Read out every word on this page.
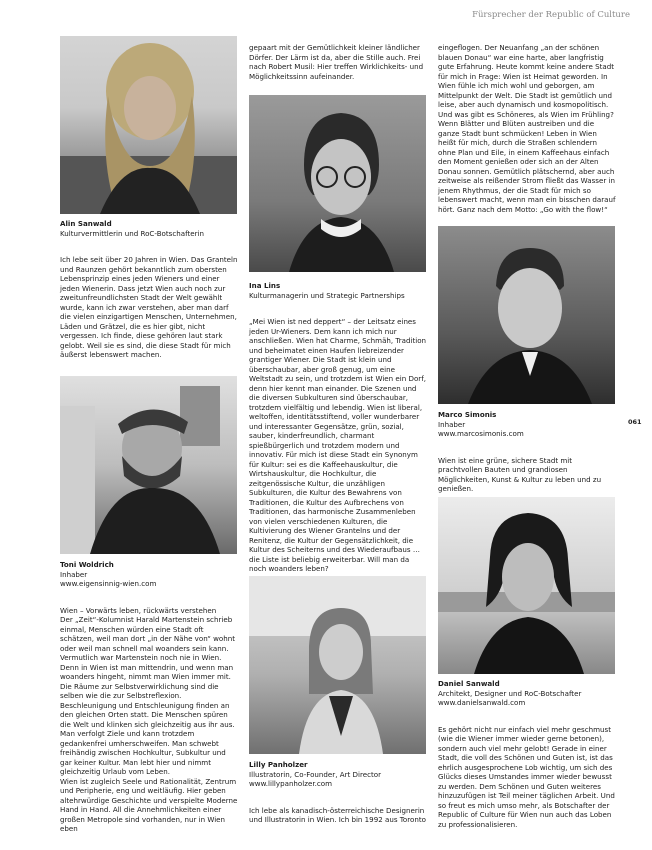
Fürsprecher der Republic of Culture
061
Alin Sanwald
Kulturvermittlerin und RoC-Botschafterin

Ich lebe seit über 20 Jahren in Wien. Das Granteln und Raunzen gehört bekanntlich zum obersten Lebensprinzip eines jeden Wieners und einer jeden Wienerin. Dass jetzt Wien auch noch zur zweitunfreundlichsten Stadt der Welt gewählt wurde, kann ich zwar verstehen, aber man darf die vielen einzigartigen Menschen, Unternehmen, Läden und Grätzel, die es hier gibt, nicht vergessen. Ich finde, diese gehören laut stark gelobt. Weil sie es sind, die diese Stadt für mich äußerst lebenswert machen.

Toni Woldrich
Inhaber
www.eigensinnig-wien.com

Wien – Vorwärts leben, rückwärts verstehen
Der „Zeit“-Kolumnist Harald Martenstein schrieb einmal, Menschen würden eine Stadt oft schätzen, weil man dort „in der Nähe von“ wohnt oder weil man schnell mal woanders sein kann. Vermutlich war Martenstein noch nie in Wien. Denn in Wien ist man mittendrin, und wenn man woanders hingeht, nimmt man Wien immer mit. Die Räume zur Selbstverwirklichung sind die selben wie die zur Selbstreflexion. Beschleunigung und Entschleunigung finden an den gleichen Orten statt. Die Menschen spüren die Welt und klinken sich gleichzeitig aus ihr aus. Man verfolgt Ziele und kann trotzdem gedankenfrei umherschweifen. Man schwebt freihändig zwischen Hochkultur, Subkultur und gar keiner Kultur. Man lebt hier und nimmt gleichzeitig Urlaub vom Leben.
Wien ist zugleich Seele und Rationalität, Zentrum und Peripherie, eng und weitläufig. Hier geben altehrwürdige Geschichte und verspielte Moderne Hand in Hand. All die Annehmlichkeiten einer großen Metropole sind vorhanden, nur in Wien eben

gepaart mit der Gemütlichkeit kleiner ländlicher Dörfer. Der Lärm ist da, aber die Stille auch. Frei nach Robert Musil: Hier treffen Wirklichkeits- und Möglichkeitssinn aufeinander.

Ina Lins
Kulturmanagerin und Strategic Partnerships

„Mei Wien ist ned deppert“ – der Leitsatz eines jeden Ur-Wieners. Dem kann ich mich nur anschließen. Wien hat Charme, Schmäh, Tradition und beheimatet einen Haufen liebreizender grantiger Wiener. Die Stadt ist klein und überschaubar, aber groß genug, um eine Weltstadt zu sein, und trotzdem ist Wien ein Dorf, denn hier kennt man einander. Die Szenen und die diversen Subkulturen sind überschaubar, trotzdem vielfältig und lebendig. Wien ist liberal, weltoffen, identitätsstiftend, voller wunderbarer und interessanter Gegensätze, grün, sozial, sauber, kinderfreundlich, charmant spießbürgerlich und trotzdem modern und innovativ. Für mich ist diese Stadt ein Synonym für Kultur: sei es die Kaffeehauskultur, die Wirtshauskultur, die Hochkultur, die zeitgenössische Kultur, die unzähligen Subkulturen, die Kultur des Bewahrens von Traditionen, die Kultur des Aufbrechens von Traditionen, das harmonische Zusammenleben von vielen verschiedenen Kulturen, die Kultivierung des Wiener Grantelns und der Renitenz, die Kultur der Gegensätzlichkeit, die Kultur des Scheiterns und des Wiederaufbaus … die Liste ist beliebig erweiterbar. Will man da noch woanders leben?

Lilly Panholzer
Illustratorin, Co-Founder, Art Director
www.lillypanholzer.com

Ich lebe als kanadisch-österreichische Designerin und Illustratorin in Wien. Ich bin 1992 aus Toronto

eingeflogen. Der Neuanfang „an der schönen blauen Donau“ war eine harte, aber langfristig gute Erfahrung. Heute kommt keine andere Stadt für mich in Frage: Wien ist Heimat geworden. In Wien fühle ich mich wohl und geborgen, am Mittelpunkt der Welt. Die Stadt ist gemütlich und leise, aber auch dynamisch und kosmopolitisch. Und was gibt es Schöneres, als Wien im Frühling? Wenn Blätter und Blüten austreiben und die ganze Stadt bunt schmücken! Leben in Wien heißt für mich, durch die Straßen schlendern ohne Plan und Eile, in einem Kaffeehaus einfach den Moment genießen oder sich an der Alten Donau sonnen. Gemütlich plätschernd, aber auch zeitweise als reißender Strom fließt das Wasser in jenem Rhythmus, der die Stadt für mich so lebenswert macht, wenn man ein bisschen darauf hört. Ganz nach dem Motto: „Go with the flow!“

Marco Simonis
Inhaber
www.marcosimonis.com

Wien ist eine grüne, sichere Stadt mit prachtvollen Bauten und grandiosen Möglichkeiten, Kunst & Kultur zu leben und zu genießen.

Daniel Sanwald
Architekt, Designer und RoC-Botschafter
www.danielsanwald.com

Es gehört nicht nur einfach viel mehr geschmust (wie die Wiener immer wieder gerne betonen), sondern auch viel mehr gelobt! Gerade in einer Stadt, die voll des Schönen und Guten ist, ist das ehrlich ausgesprochene Lob wichtig, um sich des Glücks dieses Umstandes immer wieder bewusst zu werden. Dem Schönen und Guten weiteres hinzuzufügen ist Teil meiner täglichen Arbeit. Und so freut es mich umso mehr, als Botschafter der Republic of Culture für Wien nun auch das Loben zu professionalisieren.
